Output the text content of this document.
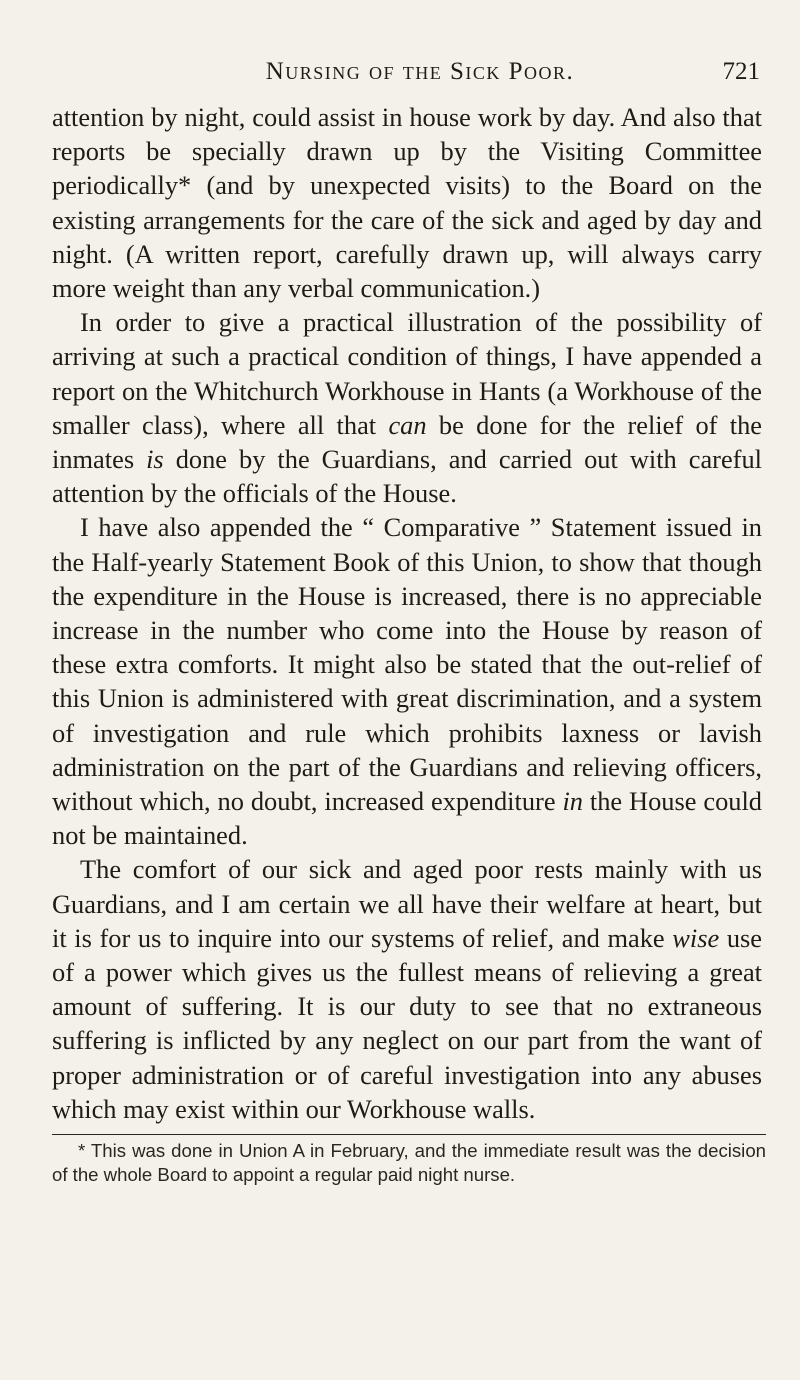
Nursing of the Sick Poor.	721

attention by night, could assist in house work by day. And also that reports be specially drawn up by the Visiting Committee periodically* (and by unexpected visits) to the Board on the existing arrangements for the care of the sick and aged by day and night. (A written report, carefully drawn up, will always carry more weight than any verbal communication.)

In order to give a practical illustration of the possibility of arriving at such a practical condition of things, I have appended a report on the Whitchurch Workhouse in Hants (a Workhouse of the smaller class), where all that can be done for the relief of the inmates is done by the Guardians, and carried out with careful attention by the officials of the House.

I have also appended the “ Comparative ” Statement issued in the Half-yearly Statement Book of this Union, to show that though the expenditure in the House is increased, there is no appreciable increase in the number who come into the House by reason of these extra comforts. It might also be stated that the out-relief of this Union is administered with great discrimination, and a system of investigation and rule which prohibits laxness or lavish administration on the part of the Guardians and relieving officers, without which, no doubt, increased expenditure in the House could not be maintained.

The comfort of our sick and aged poor rests mainly with us Guardians, and I am certain we all have their welfare at heart, but it is for us to inquire into our systems of relief, and make wise use of a power which gives us the fullest means of relieving a great amount of suffering. It is our duty to see that no extraneous suffering is inflicted by any neglect on our part from the want of proper administration or of careful investigation into any abuses which may exist within our Workhouse walls.

* This was done in Union A in February, and the immediate result was the decision of the whole Board to appoint a regular paid night nurse.
